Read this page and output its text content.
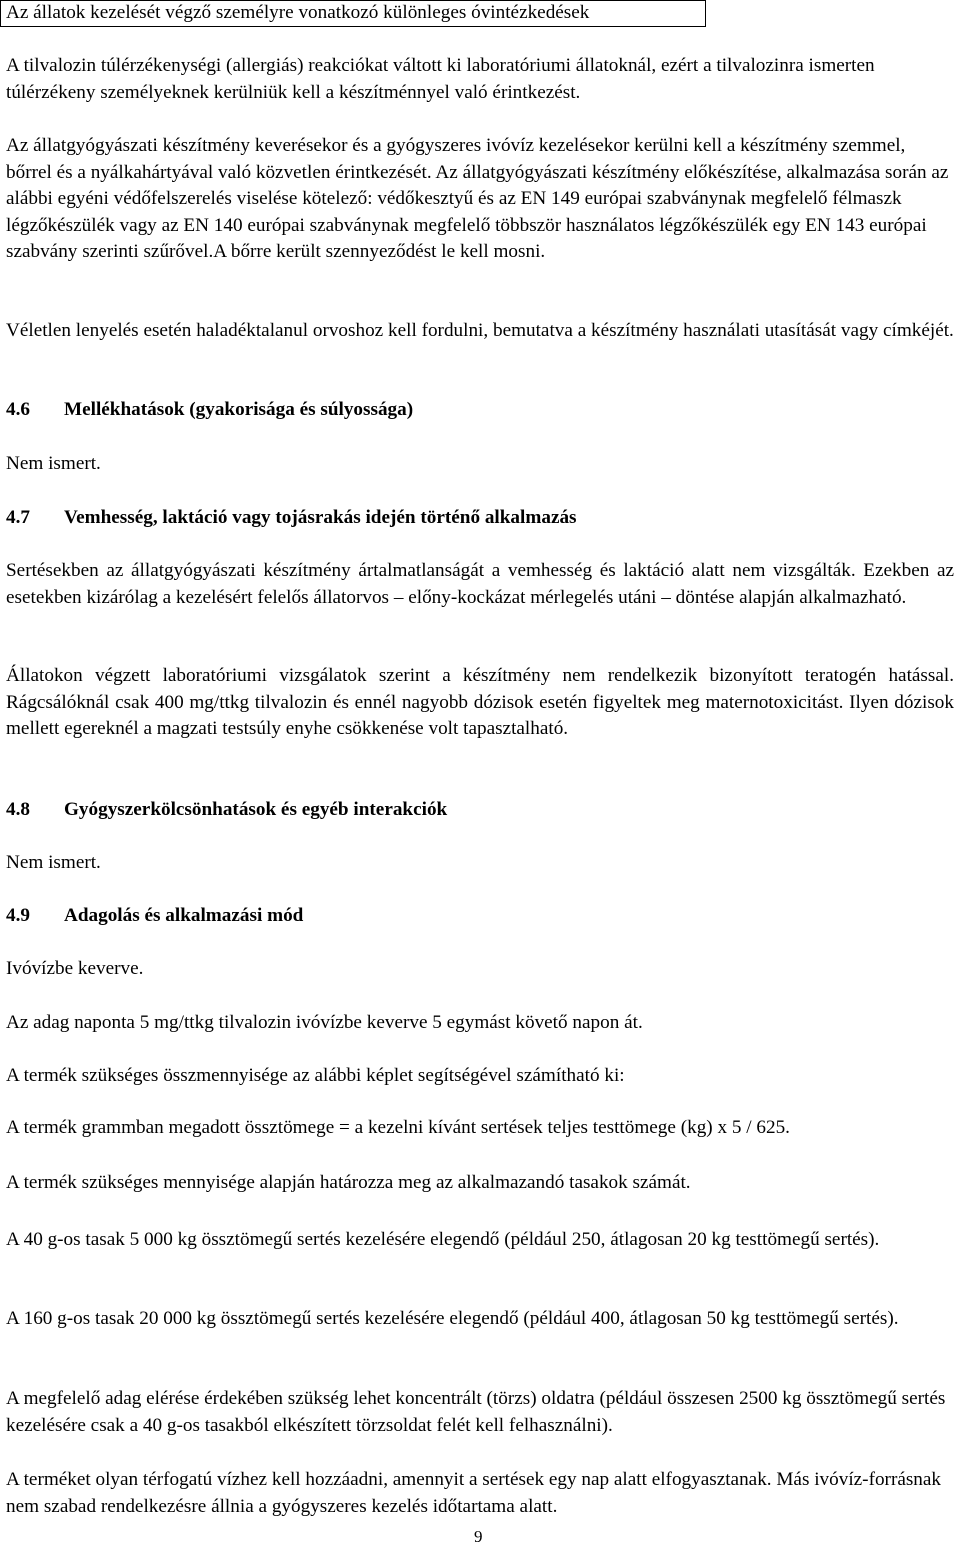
Az állatok kezelését végző személyre vonatkozó különleges óvintézkedések

A tilvalozin túlérzékenységi (allergiás) reakciókat váltott ki laboratóriumi állatoknál, ezért a tilvalozinra ismerten túlérzékeny személyeknek kerülniük kell a készítménnyel való érintkezést.

Az állatgyógyászati készítmény keverésekor és a gyógyszeres ivóvíz kezelésekor kerülni kell a készítmény szemmel, bőrrel és a nyálkahártyával való közvetlen érintkezését. Az állatgyógyászati készítmény előkészítése, alkalmazása során az alábbi egyéni védőfelszerelés viselése kötelező: védőkesztyű és az EN 149 európai szabványnak megfelelő félmaszk légzőkészülék vagy az EN 140 európai szabványnak megfelelő többször használatos légzőkészülék egy EN 143 európai szabvány szerinti szűrővel.A bőrre került szennyeződést le kell mosni.

Véletlen lenyelés esetén haladéktalanul orvoshoz kell fordulni, bemutatva a készítmény használati utasítását vagy címkéjét.

4.6 Mellékhatások (gyakorisága és súlyossága)

Nem ismert.

4.7 Vemhesség, laktáció vagy tojásrakás idején történő alkalmazás

Sertésekben az állatgyógyászati készítmény ártalmatlanságát a vemhesség és laktáció alatt nem vizsgálták. Ezekben az esetekben kizárólag a kezelésért felelős állatorvos – előny-kockázat mérlegelés utáni – döntése alapján alkalmazható.

Állatokon végzett laboratóriumi vizsgálatok szerint a készítmény nem rendelkezik bizonyított teratogén hatással. Rágcsálóknál csak 400 mg/ttkg tilvalozin és ennél nagyobb dózisok esetén figyeltek meg maternotoxicitást. Ilyen dózisok mellett egereknél a magzati testsúly enyhe csökkenése volt tapasztalható.

4.8 Gyógyszerkölcsönhatások és egyéb interakciók

Nem ismert.

4.9 Adagolás és alkalmazási mód

Ivóvízbe keverve.

Az adag naponta 5 mg/ttkg tilvalozin ivóvízbe keverve 5 egymást követő napon át.

A termék szükséges összmennyisége az alábbi képlet segítségével számítható ki:

A termék grammban megadott össztömege = a kezelni kívánt sertések teljes testtömege (kg) x 5 / 625.

A termék szükséges mennyisége alapján határozza meg az alkalmazandó tasakok számát.

A 40 g-os tasak 5 000 kg össztömegű sertés kezelésére elegendő (például 250, átlagosan 20 kg testtömegű sertés).

A 160 g-os tasak 20 000 kg össztömegű sertés kezelésére elegendő (például 400, átlagosan 50 kg testtömegű sertés).

A megfelelő adag elérése érdekében szükség lehet koncentrált (törzs) oldatra (például összesen 2500 kg össztömegű sertés kezelésére csak a 40 g-os tasakból elkészített törzsoldat felét kell felhasználni).

A terméket olyan térfogatú vízhez kell hozzáadni, amennyit a sertések egy nap alatt elfogyasztanak. Más ivóvíz-forrásnak nem szabad rendelkezésre állnia a gyógyszeres kezelés időtartama alatt.

9
